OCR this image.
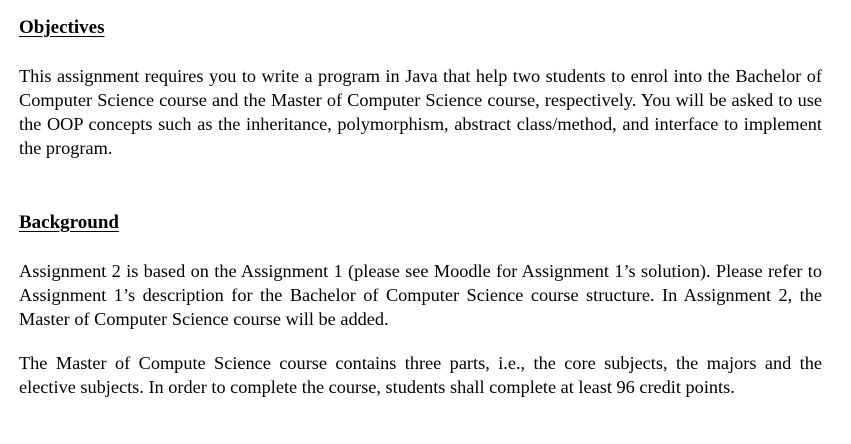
Objectives

This assignment requires you to write a program in Java that help two students to enrol into the Bachelor of Computer Science course and the Master of Computer Science course, respectively. You will be asked to use the OOP concepts such as the inheritance, polymorphism, abstract class/method, and interface to implement the program.

Background

Assignment 2 is based on the Assignment 1 (please see Moodle for Assignment 1’s solution). Please refer to Assignment 1’s description for the Bachelor of Computer Science course structure. In Assignment 2, the Master of Computer Science course will be added.

The Master of Compute Science course contains three parts, i.e., the core subjects, the majors and the elective subjects. In order to complete the course, students shall complete at least 96 credit points.
